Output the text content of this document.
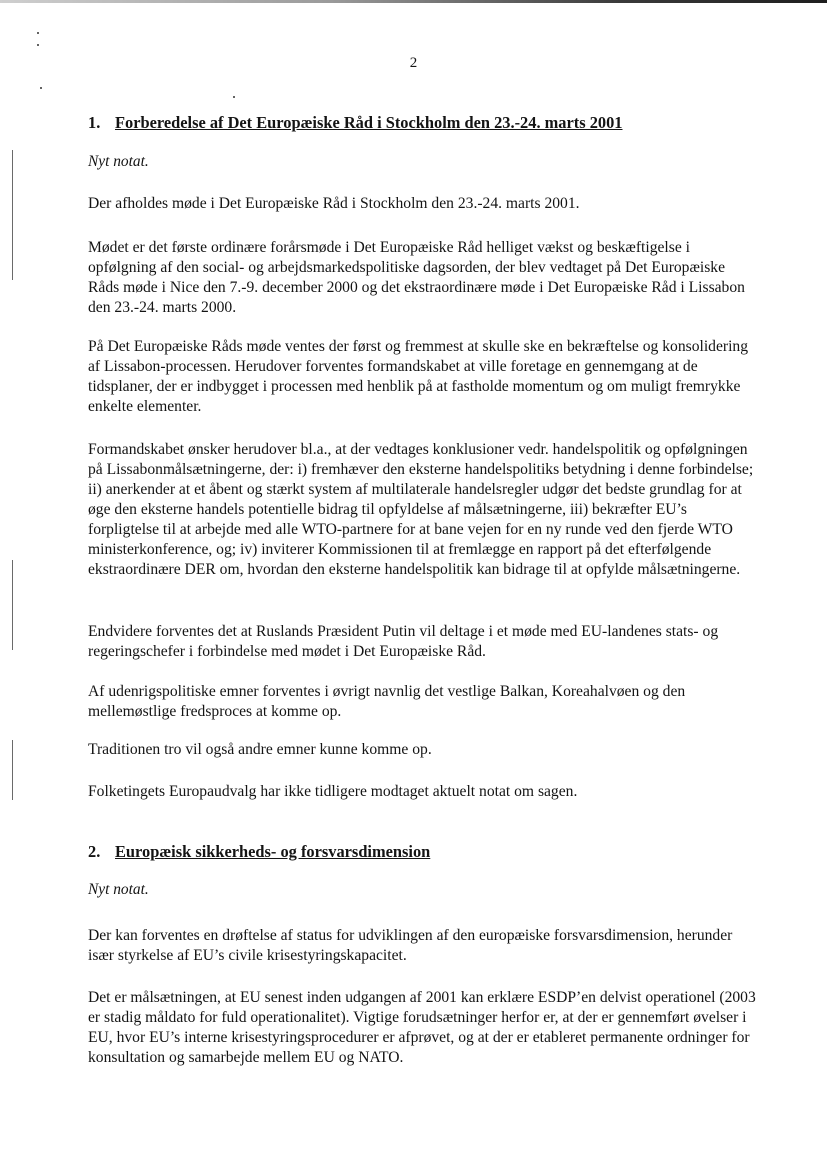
2
1. Forberedelse af Det Europæiske Råd i Stockholm den 23.-24. marts 2001

Nyt notat.

Der afholdes møde i Det Europæiske Råd i Stockholm den 23.-24. marts 2001.

Mødet er det første ordinære forårsmøde i Det Europæiske Råd helliget vækst og beskæftigelse i opfølgning af den social- og arbejdsmarkedspolitiske dagsorden, der blev vedtaget på Det Europæiske Råds møde i Nice den 7.-9. december 2000 og det ekstraordinære møde i Det Europæiske Råd i Lissabon den 23.-24. marts 2000.

På Det Europæiske Råds møde ventes der først og fremmest at skulle ske en bekræftelse og konsolidering af Lissabon-processen. Herudover forventes formandskabet at ville foretage en gennemgang at de tidsplaner, der er indbygget i processen med henblik på at fastholde momentum og om muligt fremrykke enkelte elementer.

Formandskabet ønsker herudover bl.a., at der vedtages konklusioner vedr. handelspolitik og opfølgningen på Lissabonmålsætningerne, der: i) fremhæver den eksterne handelspolitiks betydning i denne forbindelse; ii) anerkender at et åbent og stærkt system af multilaterale handelsregler udgør det bedste grundlag for at øge den eksterne handels potentielle bidrag til opfyldelse af målsætningerne, iii) bekræfter EU’s forpligtelse til at arbejde med alle WTO-partnere for at bane vejen for en ny runde ved den fjerde WTO ministerkonference, og; iv) inviterer Kommissionen til at fremlægge en rapport på det efterfølgende ekstraordinære DER om, hvordan den eksterne handelspolitik kan bidrage til at opfylde målsætningerne.

Endvidere forventes det at Ruslands Præsident Putin vil deltage i et møde med EU-landenes stats- og regeringschefer i forbindelse med mødet i Det Europæiske Råd.

Af udenrigspolitiske emner forventes i øvrigt navnlig det vestlige Balkan, Koreahalvøen og den mellemøstlige fredsproces at komme op.

Traditionen tro vil også andre emner kunne komme op.

Folketingets Europaudvalg har ikke tidligere modtaget aktuelt notat om sagen.

2. Europæisk sikkerheds- og forsvarsdimension

Nyt notat.

Der kan forventes en drøftelse af status for udviklingen af den europæiske forsvarsdimension, herunder især styrkelse af EU’s civile krisestyringskapacitet.

Det er målsætningen, at EU senest inden udgangen af 2001 kan erklære ESDP’en delvist operationel (2003 er stadig måldato for fuld operationalitet). Vigtige forudsætninger herfor er, at der er gennemført øvelser i EU, hvor EU’s interne krisestyringsprocedurer er afprøvet, og at der er etableret permanente ordninger for konsultation og samarbejde mellem EU og NATO.
